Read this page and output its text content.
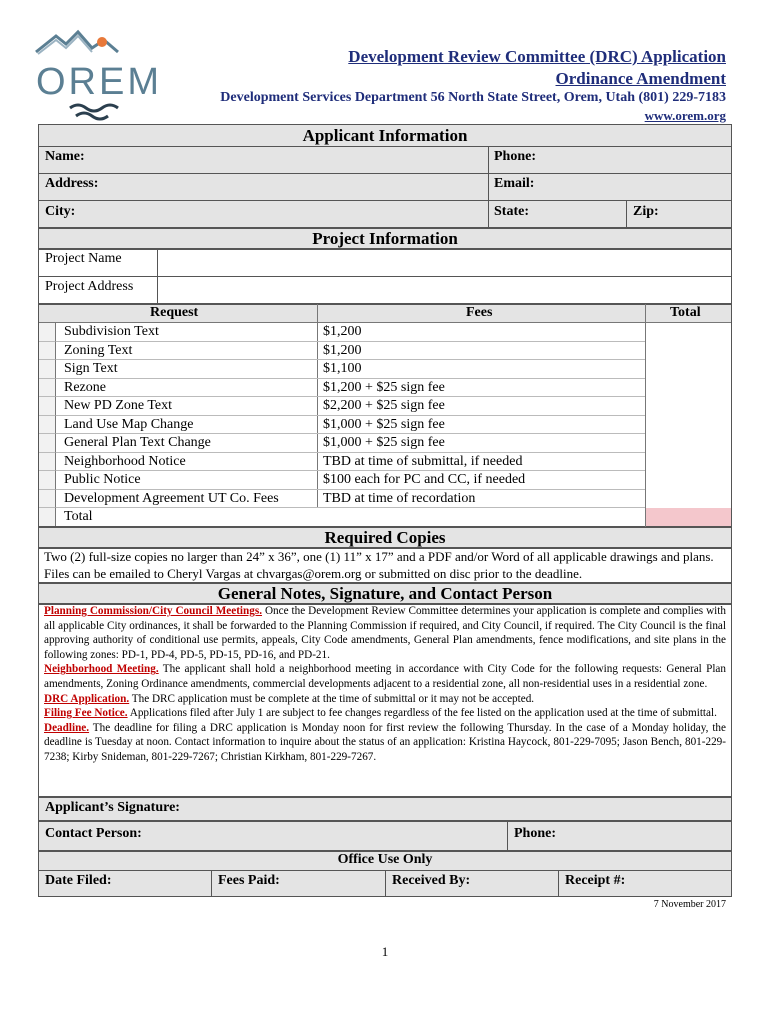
OREM
Development Review Committee (DRC) Application
Ordinance Amendment
Development Services Department 56 North State Street, Orem, Utah (801) 229-7183
www.orem.org
Applicant Information
Name:	Phone:
Address:	Email:
City:	State:	Zip:
Project Information
Project Name
Project Address
Request	Fees	Total
Subdivision Text	$1,200
Zoning Text	$1,200
Sign Text	$1,100
Rezone	$1,200 + $25 sign fee
New PD Zone Text	$2,200 + $25 sign fee
Land Use Map Change	$1,000 + $25 sign fee
General Plan Text Change	$1,000 + $25 sign fee
Neighborhood Notice	TBD at time of submittal, if needed
Public Notice	$100 each for PC and CC, if needed
Development Agreement UT Co. Fees	TBD at time of recordation
Total
Required Copies
Two (2) full-size copies no larger than 24” x 36”, one (1) 11” x 17” and a PDF and/or Word of all applicable drawings and plans. Files can be emailed to Cheryl Vargas at chvargas@orem.org or submitted on disc prior to the deadline.
General Notes, Signature, and Contact Person
Planning Commission/City Council Meetings. Once the Development Review Committee determines your application is complete and complies with all applicable City ordinances, it shall be forwarded to the Planning Commission if required, and City Council, if required. The City Council is the final approving authority of conditional use permits, appeals, City Code amendments, General Plan amendments, fence modifications, and site plans in the following zones: PD-1, PD-4, PD-5, PD-15, PD-16, and PD-21.
Neighborhood Meeting. The applicant shall hold a neighborhood meeting in accordance with City Code for the following requests: General Plan amendments, Zoning Ordinance amendments, commercial developments adjacent to a residential zone, all non-residential uses in a residential zone.
DRC Application. The DRC application must be complete at the time of submittal or it may not be accepted.
Filing Fee Notice. Applications filed after July 1 are subject to fee changes regardless of the fee listed on the application used at the time of submittal.
Deadline. The deadline for filing a DRC application is Monday noon for first review the following Thursday. In the case of a Monday holiday, the deadline is Tuesday at noon. Contact information to inquire about the status of an application: Kristina Haycock, 801-229-7095; Jason Bench, 801-229-7238; Kirby Snideman, 801-229-7267; Christian Kirkham, 801-229-7267.
Applicant’s Signature:
Contact Person:	Phone:
Office Use Only
Date Filed:	Fees Paid:	Received By:	Receipt #:
7 November 2017
1
